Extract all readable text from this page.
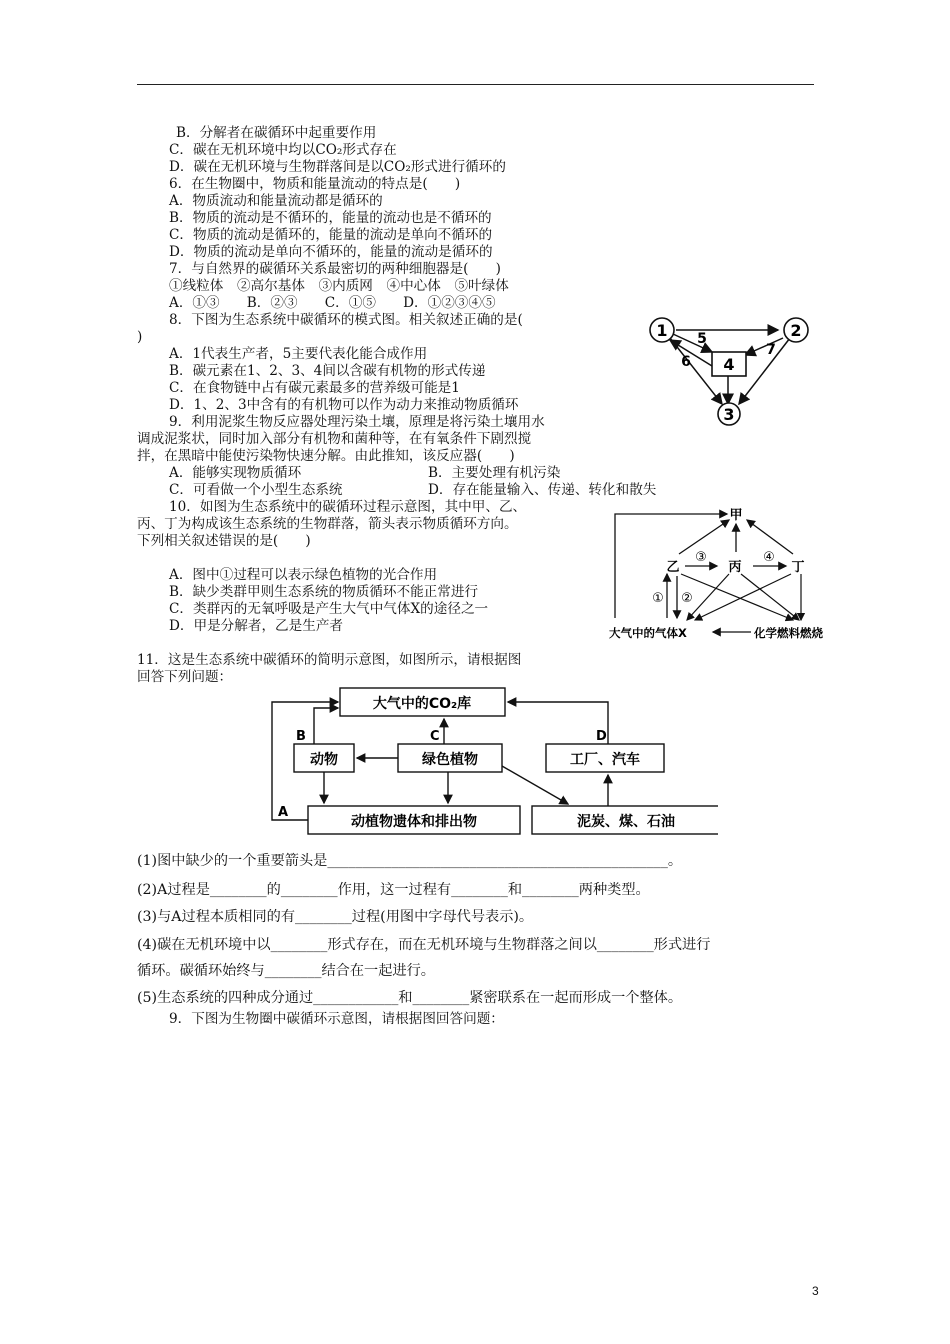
B．分解者在碳循环中起重要作用
C．碳在无机环境中均以CO₂形式存在
D．碳在无机环境与生物群落间是以CO₂形式进行循环的
6．在生物圈中，物质和能量流动的特点是(　　)
A．物质流动和能量流动都是循环的
B．物质的流动是不循环的，能量的流动也是不循环的
C．物质的流动是循环的，能量的流动是单向不循环的
D．物质的流动是单向不循环的，能量的流动是循环的
7．与自然界的碳循环关系最密切的两种细胞器是(　　)
①线粒体　②高尔基体　③内质网　④中心体　⑤叶绿体
A．①③　　B．②③　　C．①⑤　　D．①②③④⑤
8．下图为生态系统中碳循环的模式图。相关叙述正确的是(
)
A．1代表生产者，5主要代表化能合成作用
B．碳元素在1、2、3、4间以含碳有机物的形式传递
C．在食物链中占有碳元素最多的营养级可能是1
D．1、2、3中含有的有机物可以作为动力来推动物质循环
9．利用泥浆生物反应器处理污染土壤，原理是将污染土壤用水
调成泥浆状，同时加入部分有机物和菌种等，在有氧条件下剧烈搅
拌，在黑暗中能使污染物快速分解。由此推知，该反应器(　　)
A．能够实现物质循环	B．主要处理有机污染
C．可看做一个小型生态系统	D．存在能量输入、传递、转化和散失
10．如图为生态系统中的碳循环过程示意图，其中甲、乙、
丙、丁为构成该生态系统的生物群落，箭头表示物质循环方向。
下列相关叙述错误的是(　　)
A．图中①过程可以表示绿色植物的光合作用
B．缺少类群甲则生态系统的物质循环不能正常进行
C．类群丙的无氧呼吸是产生大气中气体X的途径之一
D．甲是分解者，乙是生产者
11．这是生态系统中碳循环的简明示意图，如图所示，请根据图
回答下列问题：
(1)图中缺少的一个重要箭头是________________________________________________。
(2)A过程是________的________作用，这一过程有________和________两种类型。
(3)与A过程本质相同的有________过程(用图中字母代号表示)。
(4)碳在无机环境中以________形式存在，而在无机环境与生物群落之间以________形式进行
循环。碳循环始终与________结合在一起进行。
(5)生态系统的四种成分通过____________和________紧密联系在一起而形成一个整体。
9．下图为生物圈中碳循环示意图，请根据图回答问题：
1	2
3
4
5
6
7
甲
乙	丙	丁
③	④
① ②
大气中的气体X	化学燃料燃烧
大气中的CO₂库
动物	绿色植物	工厂、汽车
动植物遗体和排出物	泥炭、煤、石油
A
B	C	D
3
